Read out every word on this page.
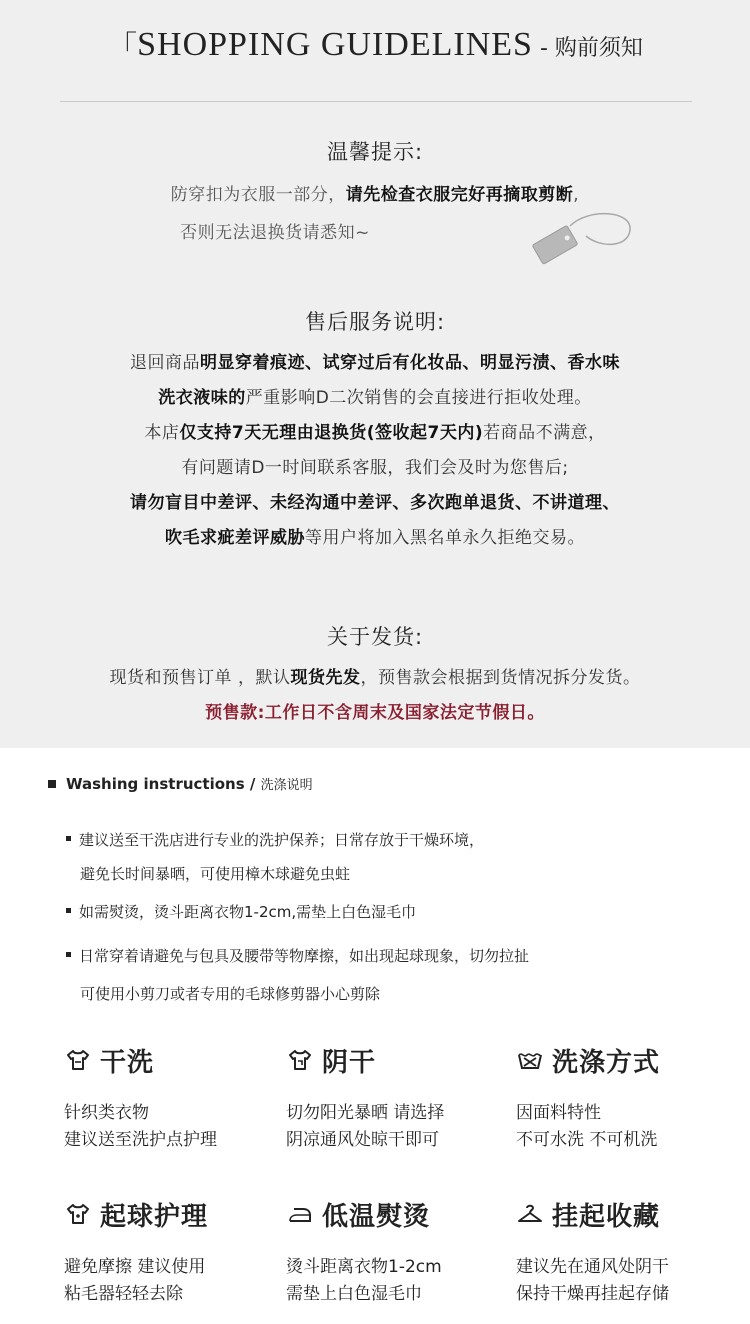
「SHOPPING GUIDELINES - 购前须知
温馨提示:
防穿扣为衣服一部分，请先检查衣服完好再摘取剪断,
否则无法退换货请悉知~
售后服务说明:
退回商品明显穿着痕迹、试穿过后有化妆品、明显污渍、香水味
洗衣液味的严重影响D二次销售的会直接进行拒收处理。
本店仅支持7天无理由退换货(签收起7天内)若商品不满意，
有问题请D一时间联系客服，我们会及时为您售后;
请勿盲目中差评、未经沟通中差评、多次跑单退货、不讲道理、
吹毛求疵差评威胁等用户将加入黑名单永久拒绝交易。
关于发货:
现货和预售订单 ，默认现货先发，预售款会根据到货情况拆分发货。
预售款:工作日不含周末及国家法定节假日。
Washing instructions / 洗涤说明
建议送至干洗店进行专业的洗护保养；日常存放于干燥环境，
避免长时间暴晒，可使用樟木球避免虫蛀
如需熨烫，烫斗距离衣物1-2cm,需垫上白色湿毛巾
日常穿着请避免与包具及腰带等物摩擦，如出现起球现象，切勿拉扯
可使用小剪刀或者专用的毛球修剪器小心剪除
干洗
针织类衣物
建议送至洗护点护理
阴干
切勿阳光暴晒 请选择
阴凉通风处晾干即可
洗涤方式
因面料特性
不可水洗 不可机洗
起球护理
避免摩擦 建议使用
粘毛器轻轻去除
低温熨烫
烫斗距离衣物1-2cm
需垫上白色湿毛巾
挂起收藏
建议先在通风处阴干
保持干燥再挂起存储
